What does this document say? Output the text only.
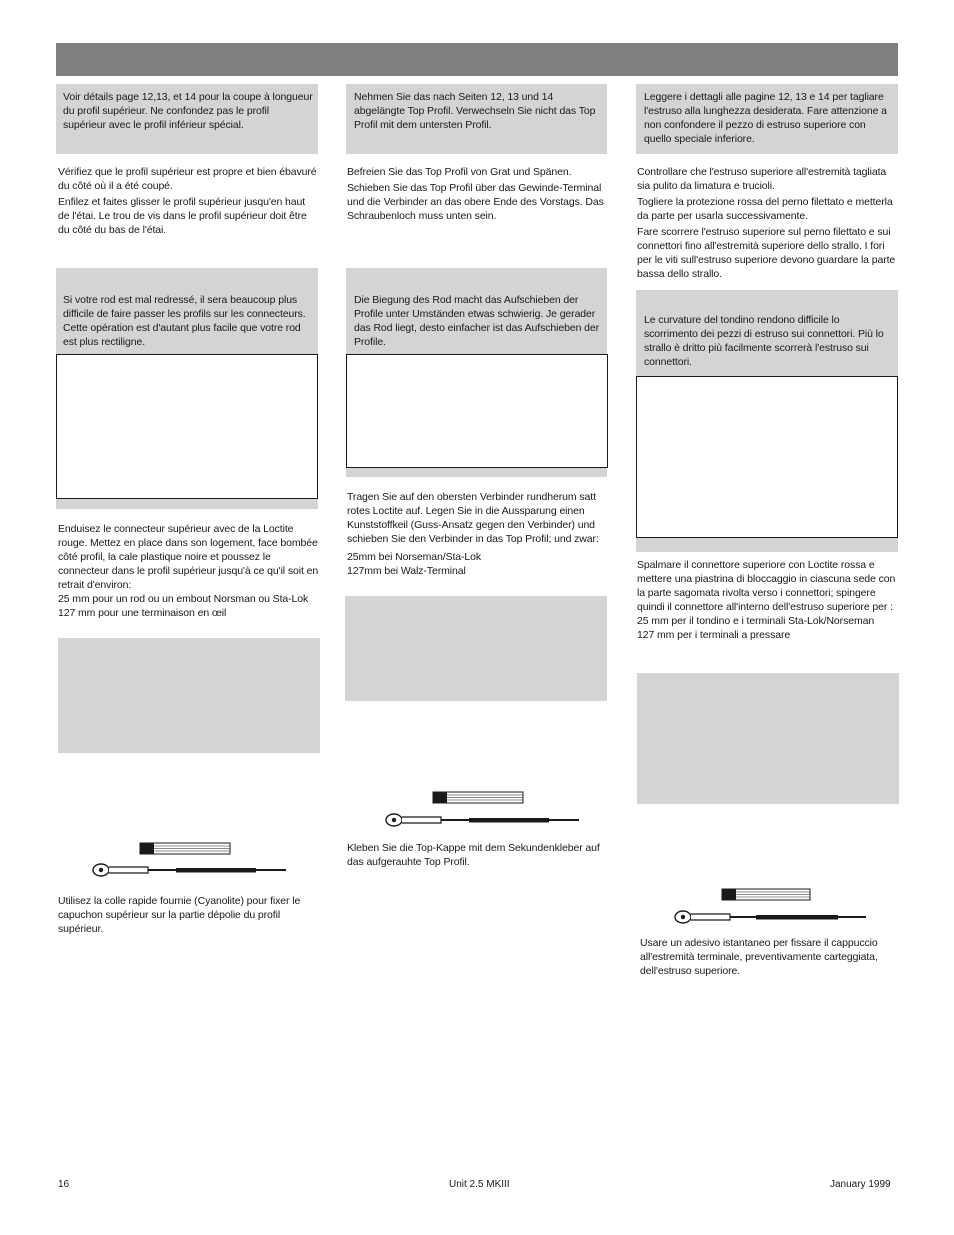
Voir détails page 12,13, et 14 pour la coupe à longueur du profil supérieur. Ne confondez pas le profil supérieur avec le profil inférieur spécial.

Vérifiez que le profil supérieur est propre et bien ébavuré du côté où il a été coupé.

Enfilez et faites glisser le profil supérieur jusqu'en haut de l'étai. Le trou de vis dans le profil supérieur doit être du côté du bas de l'étai.

Si votre rod est mal redressé, il sera beaucoup plus difficile de faire passer les profils sur les connecteurs. Cette opération est d'autant plus facile que votre rod est plus rectiligne.
Enduisez le connecteur supérieur avec de la Loctite rouge. Mettez en place dans son logement, face bombée côté profil, la cale plastique noire et poussez le connecteur dans le profil supérieur jusqu'à ce qu'il soit en retrait d'environ:
25 mm pour un rod ou un embout Norsman ou Sta-Lok
127 mm pour une terminaison en œil
Utilisez la colle rapide fournie (Cyanolite) pour fixer le capuchon supérieur sur la partie dépolie du profil supérieur.
Nehmen Sie das nach Seiten 12, 13 und 14 abgelängte Top Profil. Verwechseln Sie nicht das Top Profil mit dem untersten Profil.

Befreien Sie das Top Profil von Grat und Spänen.

Schieben Sie das Top Profil über das Gewinde-Terminal und die Verbinder an das obere Ende des Vorstags. Das Schraubenloch muss unten sein.

Die Biegung des Rod macht das Aufschieben der Profile unter Umständen etwas schwierig. Je gerader das Rod liegt, desto einfacher ist das Aufschieben der Profile.
Tragen Sie auf den obersten Verbinder rundherum satt rotes Loctite auf. Legen Sie in die Aussparung einen Kunststoffkeil (Guss-Ansatz gegen den Verbinder) und schieben Sie den Verbinder in das Top Profil; und zwar:
25mm bei Norseman/Sta-Lok
127mm bei Walz-Terminal
Kleben Sie die Top-Kappe mit dem Sekundenkleber auf das aufgerauhte Top Profil.
Leggere i dettagli alle pagine 12, 13 e 14 per tagliare l'estruso alla lunghezza desiderata. Fare attenzione a non confondere il pezzo di estruso superiore con quello speciale inferiore.

Controllare che l'estruso superiore all'estremità tagliata sia pulito da limatura e trucioli.

Togliere la protezione rossa del perno filettato e metterla da parte per usarla successivamente.

Fare scorrere l'estruso superiore sul perno filettato e sui connettori fino all'estremità superiore dello strallo. I fori per le viti sull'estruso superiore devono guardare la parte bassa dello strallo.

Le curvature del tondino rendono difficile lo scorrimento dei pezzi di estruso sui connettori. Più lo strallo è dritto più facilmente scorrerà l'estruso sui connettori.
Spalmare il connettore superiore con Loctite rossa e mettere una piastrina di bloccaggio in ciascuna sede con la parte sagomata rivolta verso i connettori; spingere quindi il connettore all'interno dell'estruso superiore per :
25 mm per il tondino e i terminali Sta-Lok/Norseman
127 mm per i terminali a pressare
Usare un adesivo istantaneo per fissare il cappuccio all'estremità terminale, preventivamente carteggiata, dell'estruso superiore.
16	Unit 2.5 MKIII	January 1999
